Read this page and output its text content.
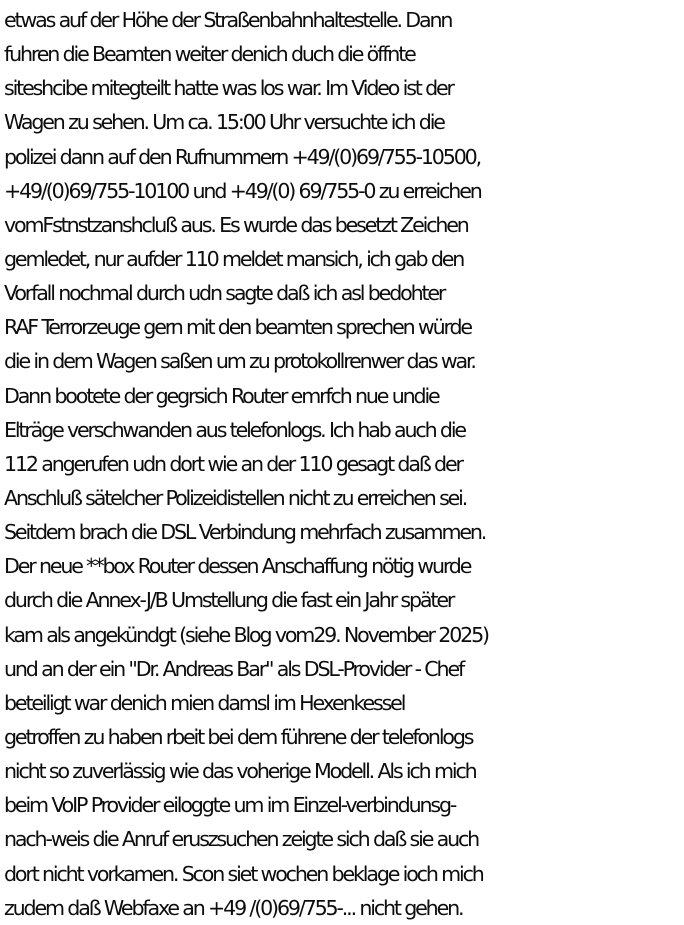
etwas auf der Höhe der Straßenbahnhaltestelle. Dann
fuhren die Beamten weiter denich duch die öffnte
siteshcibe mitegteilt hatte was los war. Im Video ist der
Wagen zu sehen. Um ca. 15:00 Uhr versuchte ich die
polizei dann auf den Rufnummern +49/(0)69/755-10500,
+49/(0)69/755-10100 und +49/(0) 69/755-0 zu erreichen
vomFstnstzanshcluß aus. Es wurde das besetzt Zeichen
gemledet, nur aufder 110 meldet mansich, ich gab den
Vorfall nochmal durch udn sagte daß ich asl bedohter
RAF Terrorzeuge gern mit den beamten sprechen würde
die in dem Wagen saßen um zu protokollrenwer das war.
Dann bootete der gegrsich Router emrfch nue undie
Elträge verschwanden aus telefonlogs. Ich hab auch die
112 angerufen udn dort wie an der 110 gesagt daß der
Anschluß sätelcher Polizeidistellen nicht zu erreichen sei.
Seitdem brach die DSL Verbindung mehrfach zusammen.
Der neue **box Router dessen Anschaffung nötig wurde
durch die Annex-J/B Umstellung die fast ein Jahr später
kam als angekündgt (siehe Blog vom29. November 2025)
und an der ein "Dr. Andreas Bar" als DSL-Provider - Chef
beteiligt war denich mien damsl im Hexenkessel
getroffen zu haben rbeit bei dem führene der telefonlogs
nicht so zuverlässig wie das voherige Modell. Als ich mich
beim VoIP Provider eiloggte um im Einzel-verbindunsg-
nach-weis die Anruf eruszsuchen zeigte sich daß sie auch
dort nicht vorkamen. Scon siet wochen beklage ioch mich
zudem daß Webfaxe an +49 /(0)69/755-... nicht gehen.
